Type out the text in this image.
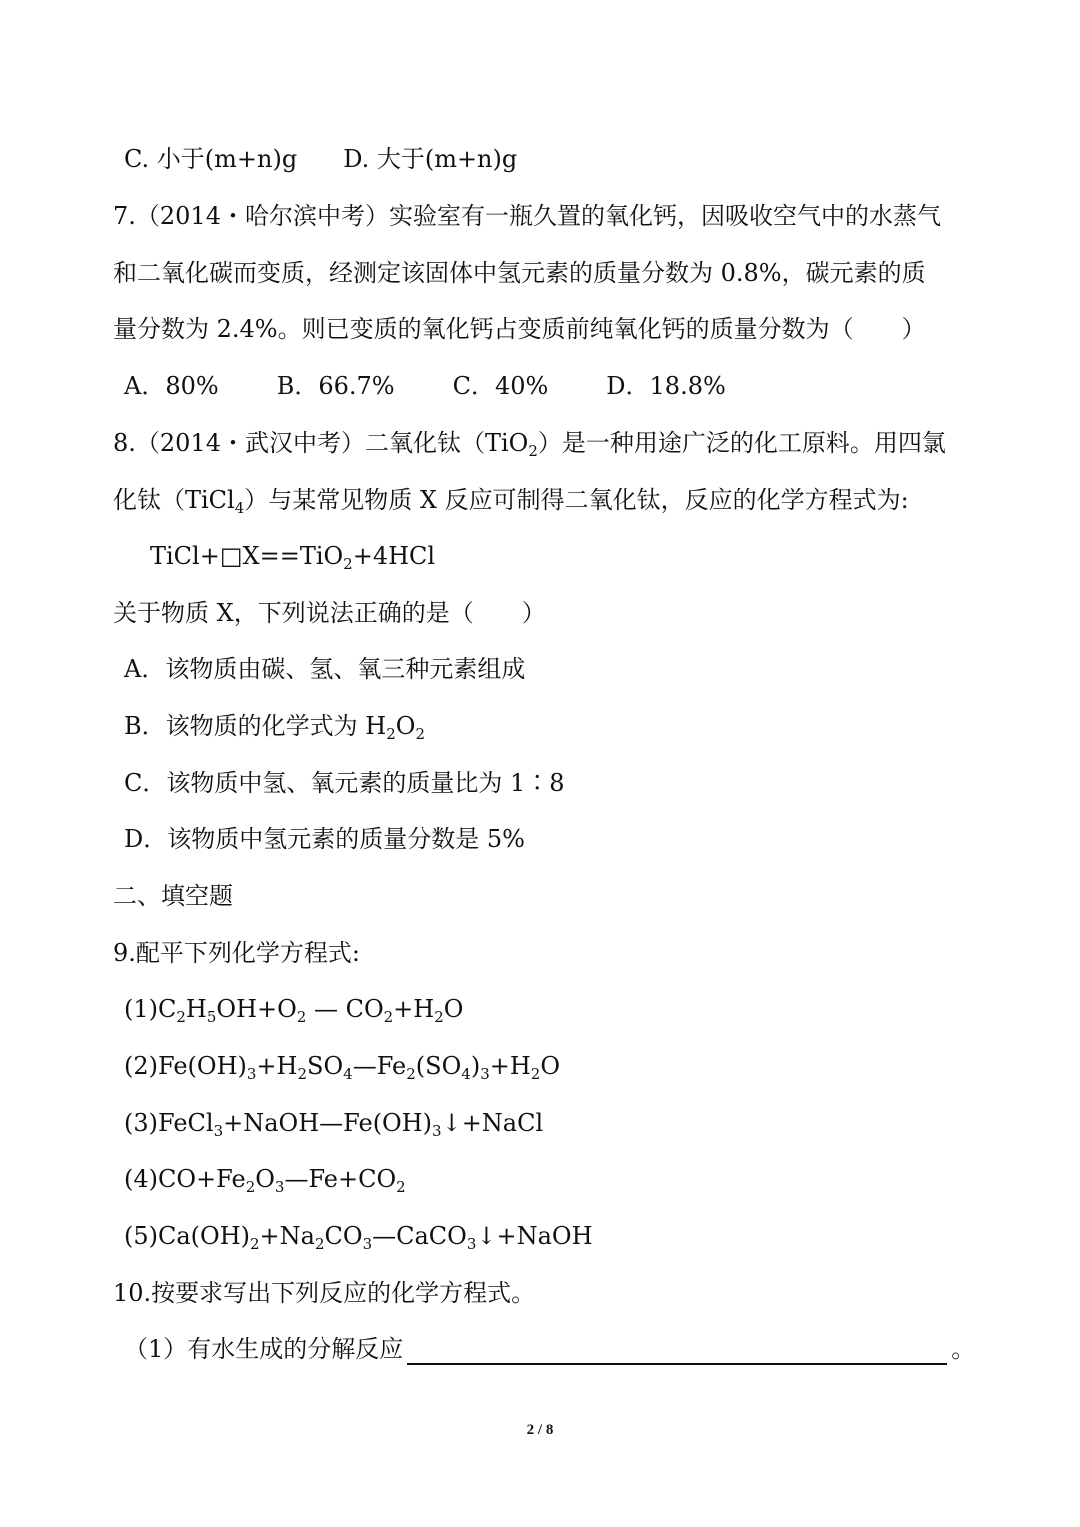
C. 小于(m+n)g D. 大于(m+n)g
7.（2014・哈尔滨中考）实验室有一瓶久置的氧化钙，因吸收空气中的水蒸气
和二氧化碳而变质，经测定该固体中氢元素的质量分数为 0.8%，碳元素的质
量分数为 2.4%。则已变质的氧化钙占变质前纯氧化钙的质量分数为（　　）
A．80% B．66.7% C．40% D．18.8%
8.（2014・武汉中考）二氧化钛（TiO$_2$）是一种用途广泛的化工原料。用四氯
化钛（TiCl$_4$）与某常见物质 X 反应可制得二氧化钛，反应的化学方程式为:
TiCl+□X==TiO$_2$+4HCl
关于物质 X，下列说法正确的是（　　）
A．该物质由碳、氢、氧三种元素组成
B．该物质的化学式为 $H_2O_2$
C．该物质中氢、氧元素的质量比为 1∶8
D．该物质中氢元素的质量分数是 5%
二、填空题
9.配平下列化学方程式:
$(1)C_2H_5OH+O_2$ — $CO_2+H_2O$
$(2)Fe(OH)_3+H_2SO_4—Fe_2(SO_4)_3+H_2O$
$(3)FeCl_3+NaOH—Fe(OH)_3↓+NaCl$
$(4)CO+Fe_2O_3—Fe+CO_2$
$(5)Ca(OH)_2+Na_2CO_3—CaCO_3↓+NaOH$
10.按要求写出下列反应的化学方程式。
（1）有水生成的分解反应	。
2 / 8
